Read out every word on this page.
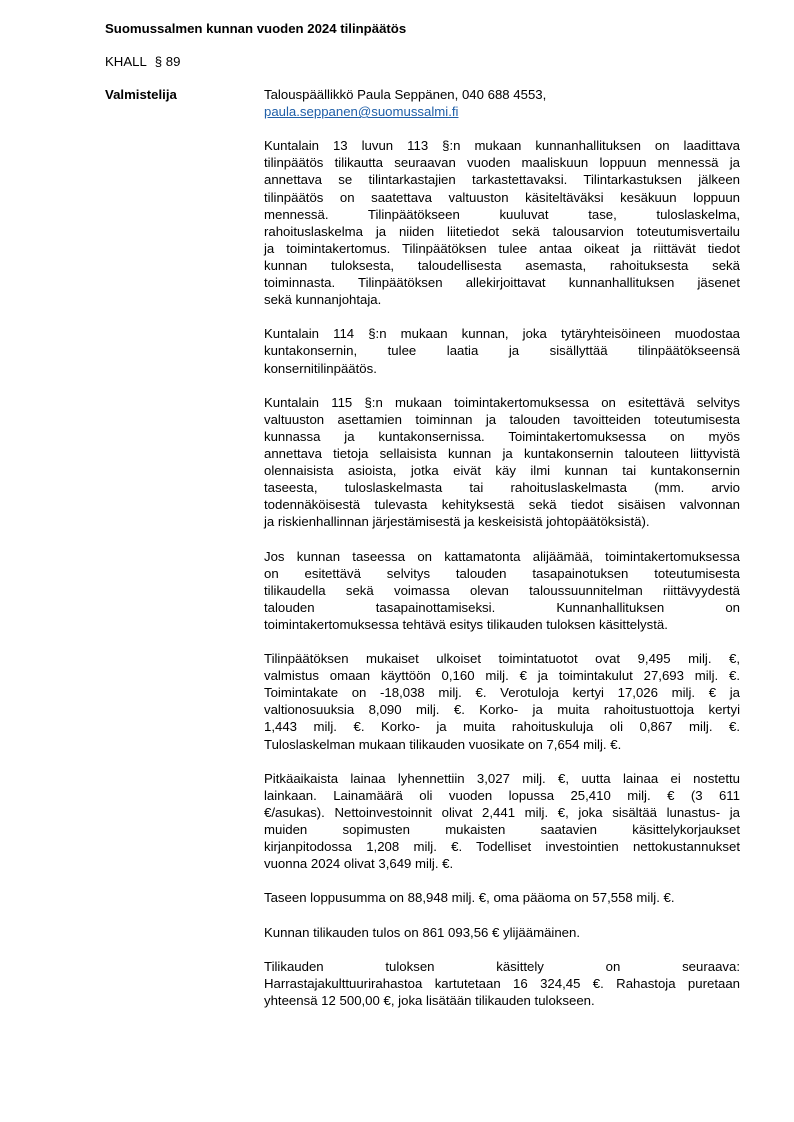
Suomussalmen kunnan vuoden 2024 tilinpäätös
KHALL § 89
Valmistelija	Talouspäällikkö Paula Seppänen, 040 688 4553,
paula.seppanen@suomussalmi.fi

Kuntalain 13 luvun 113 §:n mukaan kunnanhallituksen on laadittava
tilinpäätös tilikautta seuraavan vuoden maaliskuun loppuun mennessä ja
annettava se tilintarkastajien tarkastettavaksi. Tilintarkastuksen jälkeen
tilinpäätös on saatettava valtuuston käsiteltäväksi kesäkuun loppuun
mennessä. Tilinpäätökseen kuuluvat tase, tuloslaskelma,
rahoituslaskelma ja niiden liitetiedot sekä talousarvion toteutumisvertailu
ja toimintakertomus. Tilinpäätöksen tulee antaa oikeat ja riittävät tiedot
kunnan tuloksesta, taloudellisesta asemasta, rahoituksesta sekä
toiminnasta. Tilinpäätöksen allekirjoittavat kunnanhallituksen jäsenet
sekä kunnanjohtaja.

Kuntalain 114 §:n mukaan kunnan, joka tytäryhteisöineen muodostaa
kuntakonsernin, tulee laatia ja sisällyttää tilinpäätökseensä
konsernitilinpäätös.

Kuntalain 115 §:n mukaan toimintakertomuksessa on esitettävä selvitys
valtuuston asettamien toiminnan ja talouden tavoitteiden toteutumisesta
kunnassa ja kuntakonsernissa. Toimintakertomuksessa on myös
annettava tietoja sellaisista kunnan ja kuntakonsernin talouteen liittyvistä
olennaisista asioista, jotka eivät käy ilmi kunnan tai kuntakonsernin
taseesta, tuloslaskelmasta tai rahoituslaskelmasta (mm. arvio
todennäköisestä tulevasta kehityksestä sekä tiedot sisäisen valvonnan
ja riskienhallinnan järjestämisestä ja keskeisistä johtopäätöksistä).

Jos kunnan taseessa on kattamatonta alijäämää, toimintakertomuksessa
on esitettävä selvitys talouden tasapainotuksen toteutumisesta
tilikaudella sekä voimassa olevan taloussuunnitelman riittävyydestä
talouden tasapainottamiseksi. Kunnanhallituksen on
toimintakertomuksessa tehtävä esitys tilikauden tuloksen käsittelystä.

Tilinpäätöksen mukaiset ulkoiset toimintatuotot ovat 9,495 milj. €,
valmistus omaan käyttöön 0,160 milj. € ja toimintakulut 27,693 milj. €.
Toimintakate on -18,038 milj. €. Verotuloja kertyi 17,026 milj. € ja
valtionosuuksia 8,090 milj. €. Korko- ja muita rahoitustuottoja kertyi
1,443 milj. €. Korko- ja muita rahoituskuluja oli 0,867 milj. €.
Tuloslaskelman mukaan tilikauden vuosikate on 7,654 milj. €.

Pitkäaikaista lainaa lyhennettiin 3,027 milj. €, uutta lainaa ei nostettu
lainkaan. Lainamäärä oli vuoden lopussa 25,410 milj. € (3 611
€/asukas). Nettoinvestoinnit olivat 2,441 milj. €, joka sisältää lunastus- ja
muiden sopimusten mukaisten saatavien käsittelykorjaukset
kirjanpitodossa 1,208 milj. €. Todelliset investointien nettokustannukset
vuonna 2024 olivat 3,649 milj. €.

Taseen loppusumma on 88,948 milj. €, oma pääoma on 57,558 milj. €.

Kunnan tilikauden tulos on 861 093,56 € ylijäämäinen.

Tilikauden tuloksen käsittely on seuraava:
Harrastajakulttuurirahastoa kartutetaan 16 324,45 €. Rahastoja puretaan
yhteensä 12 500,00 €, joka lisätään tilikauden tulokseen.
